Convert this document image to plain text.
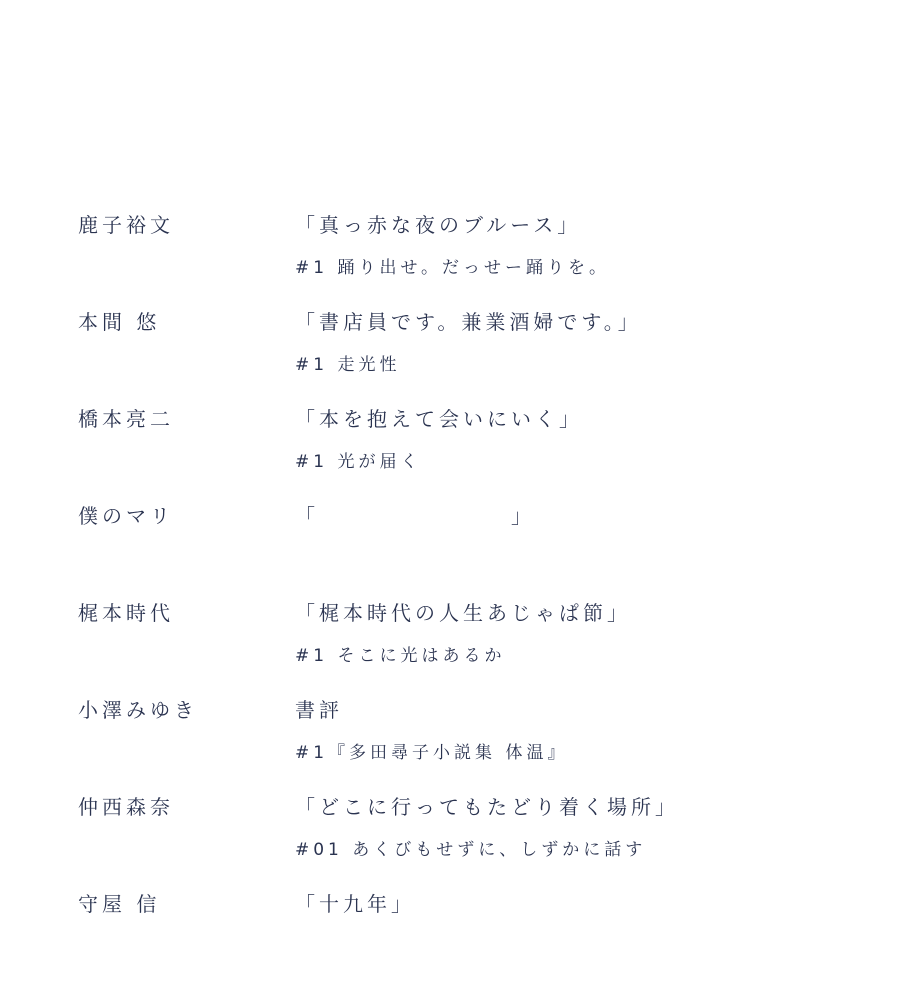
鹿子裕文	「真っ赤な夜のブルース」
#1 踊り出せ。だっせー踊りを。
本間 悠	「書店員です。兼業酒婦です。」
#1 走光性
橋本亮二	「本を抱えて会いにいく」
#1 光が届く
僕のマリ	「　　　　　　　　」
梶本時代	「梶本時代の人生あじゃぱ節」
#1 そこに光はあるか
小澤みゆき	書評
#1『多田尋子小説集 体温』
仲西森奈	「どこに行ってもたどり着く場所」
#01 あくびもせずに、しずかに話す
守屋 信	「十九年」
